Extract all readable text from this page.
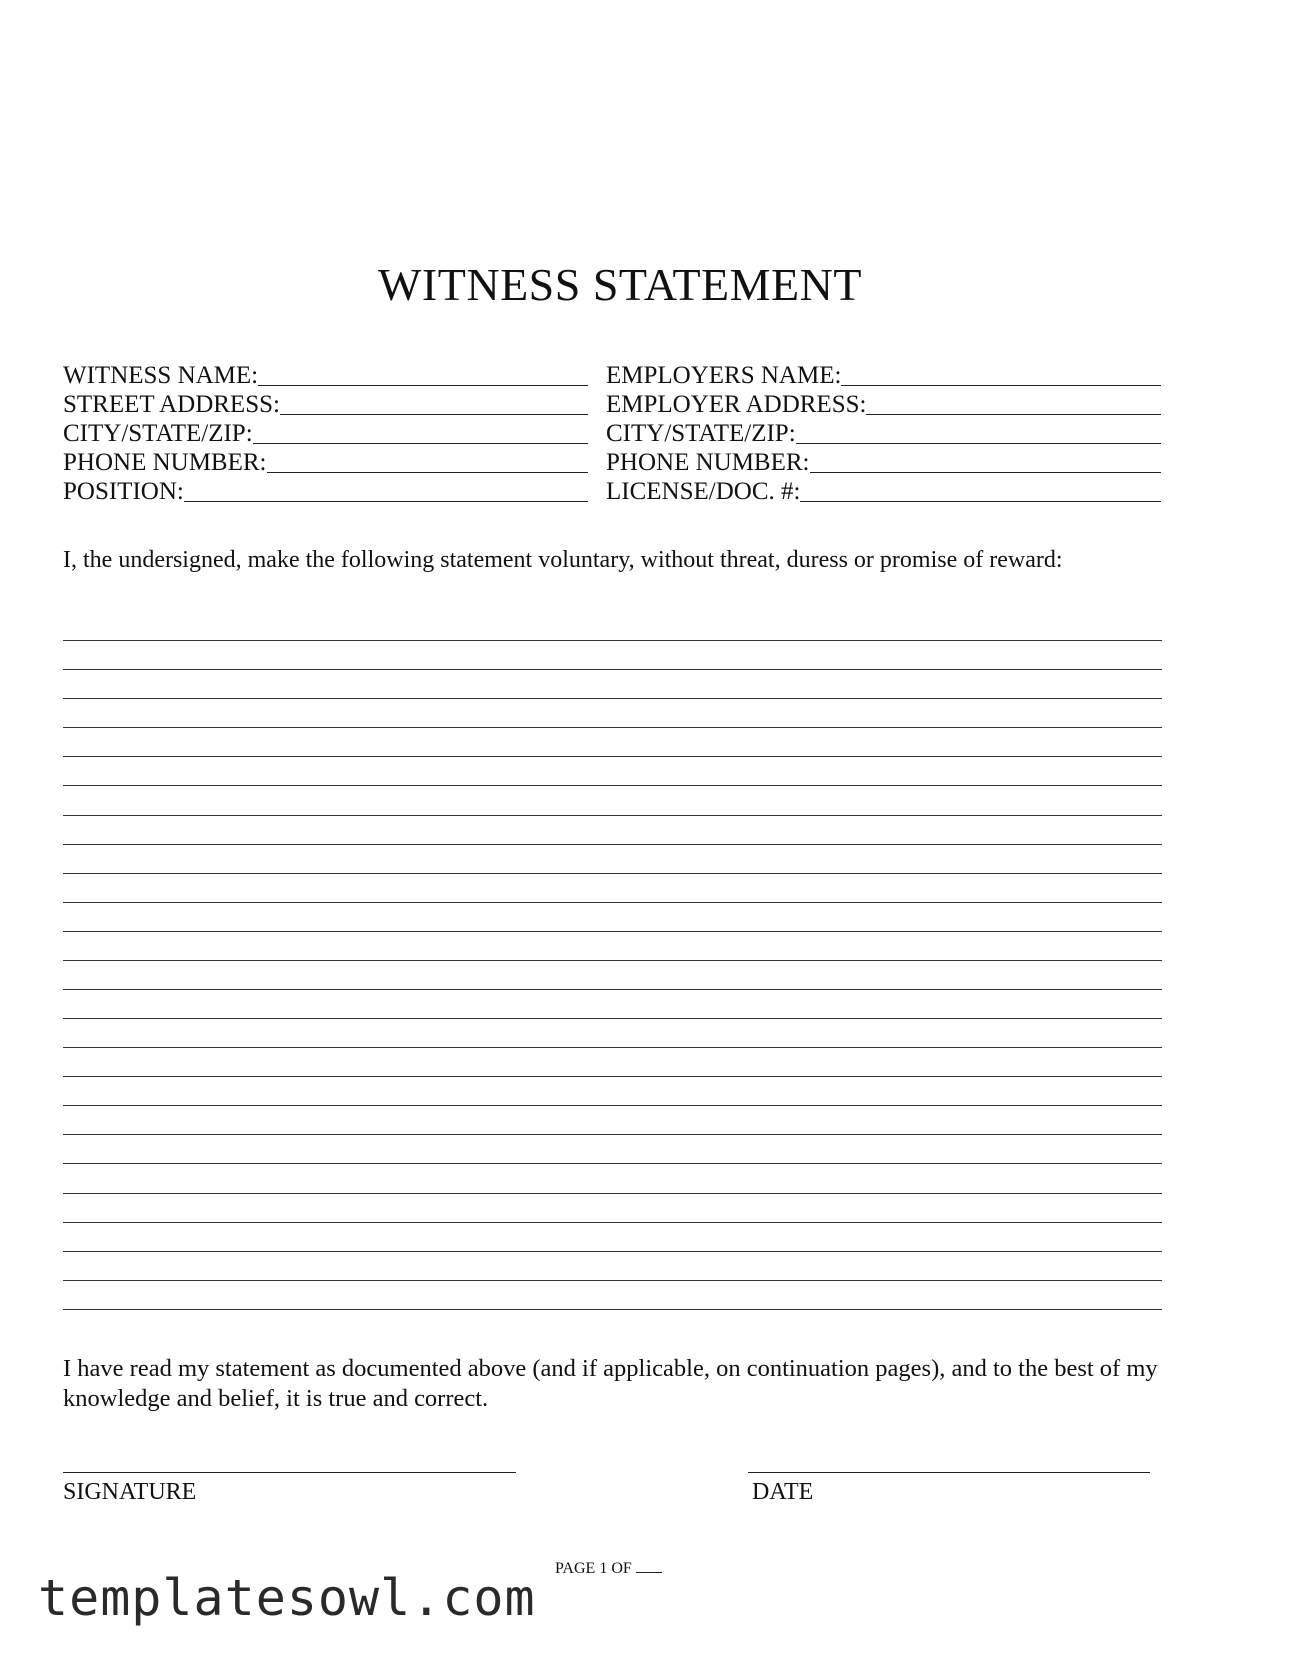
WITNESS STATEMENT
WITNESS NAME:
STREET ADDRESS:
CITY/STATE/ZIP:
PHONE NUMBER:
POSITION:
EMPLOYERS NAME:
EMPLOYER ADDRESS:
CITY/STATE/ZIP:
PHONE NUMBER:
LICENSE/DOC. #:
I, the undersigned, make the following statement voluntary, without threat, duress or promise of reward:
I have read my statement as documented above (and if applicable, on continuation pages), and to the best of my knowledge and belief, it is true and correct.
SIGNATURE	DATE
PAGE 1 OF
templatesowl.com
